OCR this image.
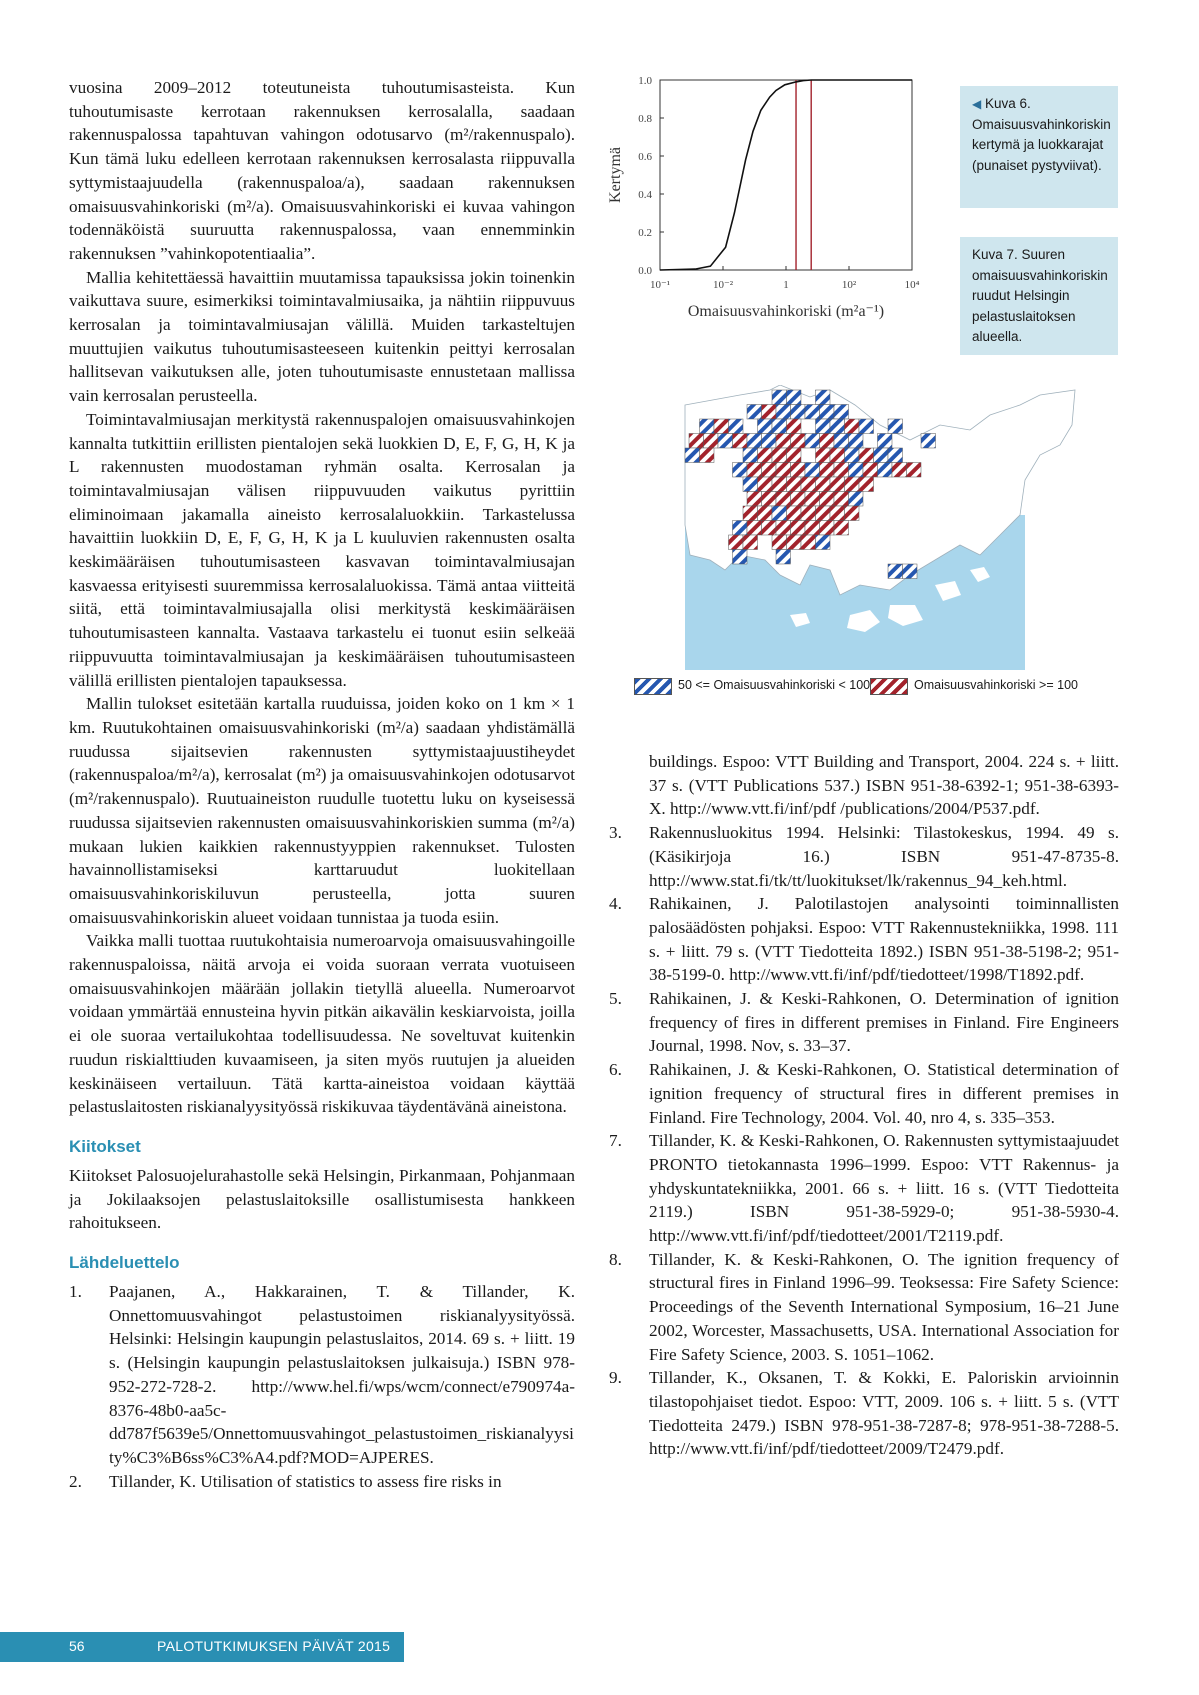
vuosina 2009–2012 toteutuneista tuhoutumisasteista. Kun tuhoutumisaste kerrotaan rakennuksen kerrosalalla, saadaan rakennuspalossa tapahtuvan vahingon odotusarvo (m²/rakennuspalo). Kun tämä luku edelleen kerrotaan rakennuksen kerrosalasta riippuvalla syttymistaajuudella (rakennuspaloa/a), saadaan rakennuksen omaisuusvahinkoriski (m²/a). Omaisuusvahinkoriski ei kuvaa vahingon todennäköistä suuruutta rakennuspalossa, vaan ennemminkin rakennuksen ”vahinkopotentiaalia”.

Mallia kehitettäessä havaittiin muutamissa tapauksissa jokin toinenkin vaikuttava suure, esimerkiksi toimintavalmiusaika, ja nähtiin riippuvuus kerrosalan ja toimintavalmiusajan välillä. Muiden tarkasteltujen muuttujien vaikutus tuhoutumisasteeseen kuitenkin peittyi kerrosalan hallitsevan vaikutuksen alle, joten tuhoutumisaste ennustetaan mallissa vain kerrosalan perusteella.

Toimintavalmiusajan merkitystä rakennuspalojen omaisuusvahinkojen kannalta tutkittiin erillisten pientalojen sekä luokkien D, E, F, G, H, K ja L rakennusten muodostaman ryhmän osalta. Kerrosalan ja toimintavalmiusajan välisen riippuvuuden vaikutus pyrittiin eliminoimaan jakamalla aineisto kerrosalaluokkiin. Tarkastelussa havaittiin luokkiin D, E, F, G, H, K ja L kuuluvien rakennusten osalta keskimääräisen tuhoutumisasteen kasvavan toimintavalmiusajan kasvaessa erityisesti suuremmissa kerrosalaluokissa. Tämä antaa viitteitä siitä, että toimintavalmiusajalla olisi merkitystä keskimääräisen tuhoutumisasteen kannalta. Vastaava tarkastelu ei tuonut esiin selkeää riippuvuutta toimintavalmiusajan ja keskimääräisen tuhoutumisasteen välillä erillisten pientalojen tapauksessa.

Mallin tulokset esitetään kartalla ruuduissa, joiden koko on 1 km × 1 km. Ruutukohtainen omaisuusvahinkoriski (m²/a) saadaan yhdistämällä ruudussa sijaitsevien rakennusten syttymistaajuustiheydet (rakennuspaloa/m²/a), kerrosalat (m²) ja omaisuusvahinkojen odotusarvot (m²/rakennuspalo). Ruutuaineiston ruudulle tuotettu luku on kyseisessä ruudussa sijaitsevien rakennusten omaisuusvahinkoriskien summa (m²/a) mukaan lukien kaikkien rakennustyyppien rakennukset. Tulosten havainnollistamiseksi karttaruudut luokitellaan omaisuusvahinkoriskiluvun perusteella, jotta suuren omaisuusvahinkoriskin alueet voidaan tunnistaa ja tuoda esiin.

Vaikka malli tuottaa ruutukohtaisia numeroarvoja omaisuusvahingoille rakennuspaloissa, näitä arvoja ei voida suoraan verrata vuotuiseen omaisuusvahinkojen määrään jollakin tietyllä alueella. Numeroarvot voidaan ymmärtää ennusteina hyvin pitkän aikavälin keskiarvoista, joilla ei ole suoraa vertailukohtaa todellisuudessa. Ne soveltuvat kuitenkin ruudun riskialttiuden kuvaamiseen, ja siten myös ruutujen ja alueiden keskinäiseen vertailuun. Tätä kartta-aineistoa voidaan käyttää pelastuslaitosten riskianalyysityössä riskikuvaa täydentävänä aineistona.

Kiitokset

Kiitokset Palosuojelurahastolle sekä Helsingin, Pirkanmaan, Pohjanmaan ja Jokilaaksojen pelastuslaitoksille osallistumisesta hankkeen rahoitukseen.

Lähdeluettelo
1.	Paajanen, A., Hakkarainen, T. & Tillander, K. Onnettomuusvahingot pelastustoimen riskianalyysityössä. Helsinki: Helsingin kaupungin pelastuslaitos, 2014. 69 s. + liitt. 19 s. (Helsingin kaupungin pelastuslaitoksen julkaisuja.) ISBN 978-952-272-728-2. http://www.hel.fi/wps/wcm/connect/e790974a-8376-48b0-aa5c-dd787f5639e5/Onnettomuusvahingot_pelastustoimen_riskianalyysity%C3%B6ss%C3%A4.pdf?MOD=AJPERES.
2.	Tillander, K. Utilisation of statistics to assess fire risks in
buildings. Espoo: VTT Building and Transport, 2004. 224 s. + liitt. 37 s. (VTT Publications 537.) ISBN 951-38-6392-1; 951-38-6393-X. http://www.vtt.fi/inf/pdf /publications/2004/P537.pdf.
3.	Rakennusluokitus 1994. Helsinki: Tilastokeskus, 1994. 49 s. (Käsikirjoja 16.) ISBN 951-47-8735-8. http://www.stat.fi/tk/tt/luokitukset/lk/rakennus_94_keh.html.
4.	Rahikainen, J. Palotilastojen analysointi toiminnallisten palosäädösten pohjaksi. Espoo: VTT Rakennustekniikka, 1998. 111 s. + liitt. 79 s. (VTT Tiedotteita 1892.) ISBN 951-38-5198-2; 951-38-5199-0. http://www.vtt.fi/inf/pdf/tiedotteet/1998/T1892.pdf.
5.	Rahikainen, J. & Keski-Rahkonen, O. Determination of ignition frequency of fires in different premises in Finland. Fire Engineers Journal, 1998. Nov, s. 33–37.
6.	Rahikainen, J. & Keski-Rahkonen, O. Statistical determination of ignition frequency of structural fires in different premises in Finland. Fire Technology, 2004. Vol. 40, nro 4, s. 335–353.
7.	Tillander, K. & Keski-Rahkonen, O. Rakennusten syttymistaajuudet PRONTO tietokannasta 1996–1999. Espoo: VTT Rakennus- ja yhdyskuntatekniikka, 2001. 66 s. + liitt. 16 s. (VTT Tiedotteita 2119.) ISBN 951-38-5929-0; 951-38-5930-4. http://www.vtt.fi/inf/pdf/tiedotteet/2001/T2119.pdf.
8.	Tillander, K. & Keski-Rahkonen, O. The ignition frequency of structural fires in Finland 1996–99. Teoksessa: Fire Safety Science: Proceedings of the Seventh International Symposium, 16–21 June 2002, Worcester, Massachusetts, USA. International Association for Fire Safety Science, 2003. S. 1051–1062.
9.	Tillander, K., Oksanen, T. & Kokki, E. Paloriskin arvioinnin tilastopohjaiset tiedot. Espoo: VTT, 2009. 106 s. + liitt. 5 s. (VTT Tiedotteita 2479.) ISBN 978-951-38-7287-8; 978-951-38-7288-5. http://www.vtt.fi/inf/pdf/tiedotteet/2009/T2479.pdf.
0.0
0.2
0.4
0.6
0.8
1.0
10⁻¹	10⁻²	1	10²	10⁴
Kertymä
Omaisuusvahinkoriski (m²a⁻¹)
◀ Kuva 6. Omaisuusvahinkoriskin kertymä ja luokkarajat (punaiset pystyviivat).
Kuva 7. Suuren omaisuusvahinkoriskin ruudut Helsingin pelastuslaitoksen alueella.
50 <= Omaisuusvahinkoriski < 100	Omaisuusvahinkoriski >= 100
56	PALOTUTKIMUKSEN PÄIVÄT 2015
